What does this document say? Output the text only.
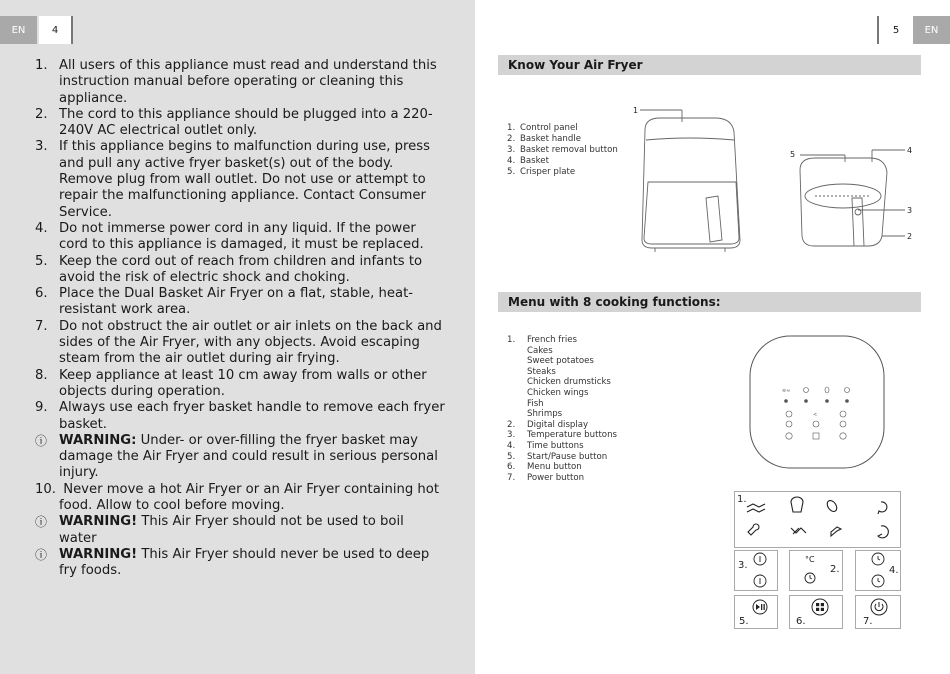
EN	4
1. All users of this appliance must read and understand this instruction manual before operating or cleaning this appliance.
2. The cord to this appliance should be plugged into a 220-240V AC electrical outlet only.
3. If this appliance begins to malfunction during use, press and pull any active fryer basket(s) out of the body. Remove plug from wall outlet. Do not use or attempt to repair the malfunctioning appliance. Contact Consumer Service.
4. Do not immerse power cord in any liquid. If the power cord to this appliance is damaged, it must be replaced.
5. Keep the cord out of reach from children and infants to avoid the risk of electric shock and choking.
6. Place the Dual Basket Air Fryer on a flat, stable, heat-resistant work area.
7. Do not obstruct the air outlet or air inlets on the back and sides of the Air Fryer, with any objects. Avoid escaping steam from the air outlet during air frying.
8. Keep appliance at least 10 cm away from walls or other objects during operation.
9. Always use each fryer basket handle to remove each fryer basket.
ⓘ WARNING: Under- or over-filling the fryer basket may damage the Air Fryer and could result in serious personal injury.
10. Never move a hot Air Fryer or an Air Fryer containing hot food. Allow to cool before moving.
ⓘ WARNING! This Air Fryer should not be used to boil water
ⓘ WARNING! This Air Fryer should never be used to deep fry foods.
5	EN
Know Your Air Fryer
1. Control panel
2. Basket handle
3. Basket removal button
4. Basket
5. Crisper plate
1
5	4
3
2
Menu with 8 cooking functions:
1. French fries
Cakes
Sweet potatoes
Steaks
Chicken drumsticks
Chicken wings
Fish
Shrimps
2. Digital display
3. Temperature buttons
4. Time buttons
5. Start/Pause button
6. Menu button
7. Power button
≋≈
<
1.
3.
°C
2.	4.
5.	6.	7.
